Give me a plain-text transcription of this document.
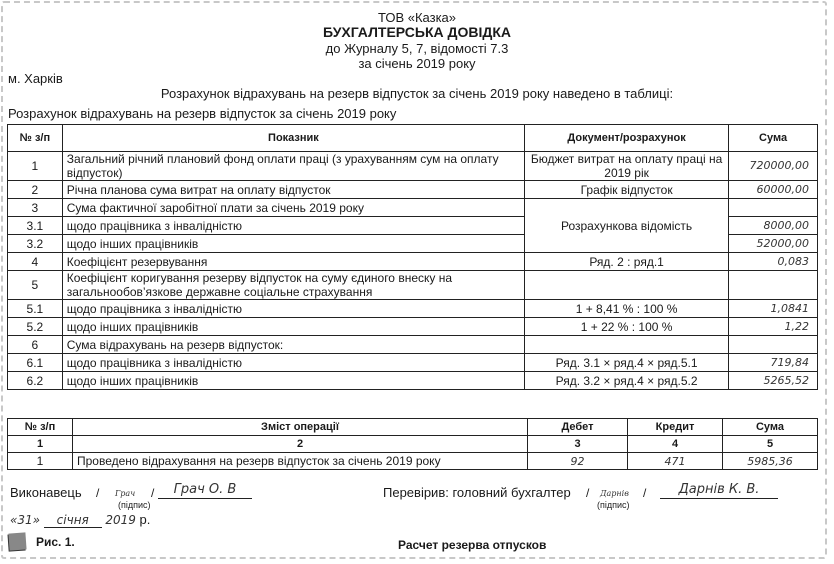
ТОВ «Казка»
БУХГАЛТЕРСЬКА ДОВІДКА
до Журналу 5, 7, відомості 7.3
за січень 2019 року
м. Харків
Розрахунок відрахувань на резерв відпусток за січень 2019 року наведено в таблиці:
Розрахунок відрахувань на резерв відпусток за січень 2019 року
№ з/п	Показник	Документ/розрахунок	Сума
1	Загальний річний плановий фонд оплати праці (з урахуванням сум на оплату відпусток)	Бюджет витрат на оплату праці на 2019 рік	720000,00
2	Річна планова сума витрат на оплату відпусток	Графік відпусток	60000,00
3	Сума фактичної заробітної плати за січень 2019 року	Розрахункова відомість	
3.1	щодо працівника з інвалідністю		8000,00
3.2	щодо інших працівників		52000,00
4	Коефіцієнт резервування	Ряд. 2 : ряд.1	0,083
5	Коефіцієнт коригування резерву відпусток на суму єдиного внеску на загальнообов’язкове державне соціальне страхування		
5.1	щодо працівника з інвалідністю	1 + 8,41 % : 100 %	1,0841
5.2	щодо інших працівників	1 + 22 % : 100 %	1,22
6	Сума відрахувань на резерв відпусток:		
6.1	щодо працівника з інвалідністю	Ряд. 3.1 × ряд.4 × ряд.5.1	719,84
6.2	щодо інших працівників	Ряд. 3.2 × ряд.4 × ряд.5.2	5265,52
№ з/п	Зміст операції	Дебет	Кредит	Сума
1	2	3	4	5
1	Проведено відрахування на резерв відпусток за січень 2019 року	92	471	5985,36
Виконавець / Грач /	Грач О. В
(підпис)
Перевірив: головний бухгалтер / Дарнів /	Дарнів К. В.
(підпис)
«31» січня 2019 р.
Рис. 1.	Расчет резерва отпусков
